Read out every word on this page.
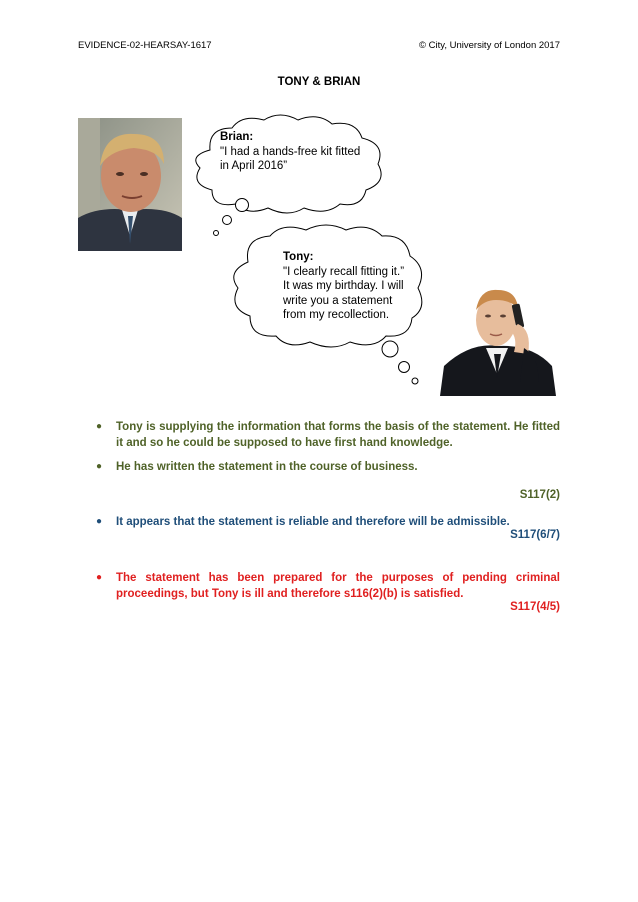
EVIDENCE-02-HEARSAY-1617	© City, University of London 2017
TONY & BRIAN
Brian:
"I had a hands-free kit fitted in April 2016”
Tony:
"I clearly recall fitting it.” It was my birthday. I will write you a statement from my recollection.
● Tony is supplying the information that forms the basis of the statement. He fitted it and so he could be supposed to have first hand knowledge.
● He has written the statement in the course of business.
S117(2)
● It appears that the statement is reliable and therefore will be admissible.
S117(6/7)
● The statement has been prepared for the purposes of pending criminal proceedings, but Tony is ill and therefore s116(2)(b) is satisfied.
S117(4/5)
